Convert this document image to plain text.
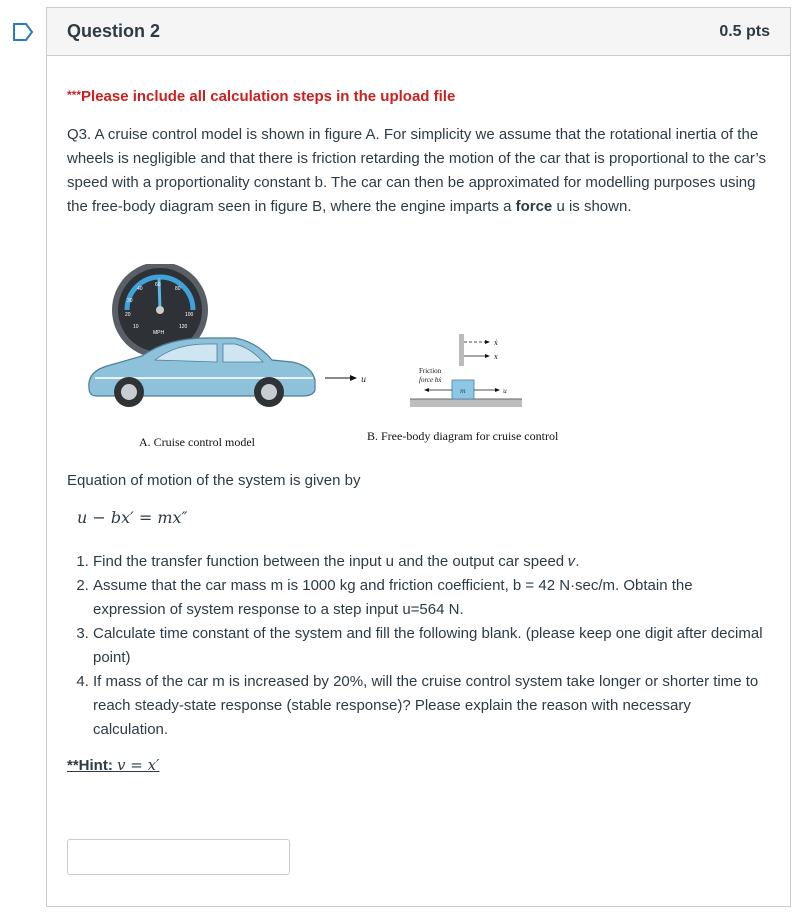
Question 2	0.5 pts

***Please include all calculation steps in the upload file

Q3. A cruise control model is shown in figure A. For simplicity we assume that the rotational inertia of the wheels is negligible and that there is friction retarding the motion of the car that is proportional to the car’s speed with a proportionality constant b. The car can then be approximated for modelling purposes using the free-body diagram seen in figure B, where the engine imparts a force u is shown.

MPH
20
30
40
60
80
100
120
10
u
m	u
Friction
force bẋ
ẋ
x
A. Cruise control model	B. Free-body diagram for cruise control
Equation of motion of the system is given by
u − bx′ = mx″
1. Find the transfer function between the input u and the output car speed 𝑣.
2. Assume that the car mass m is 1000 kg and friction coefficient, b = 42 N·sec/m. Obtain the expression of system response to a step input u=564 N.
3. Calculate time constant of the system and fill the following blank. (please keep one digit after decimal point)
4. If mass of the car m is increased by 20%, will the cruise control system take longer or shorter time to reach steady-state response (stable response)? Please explain the reason with necessary calculation.
**Hint: v = x′
